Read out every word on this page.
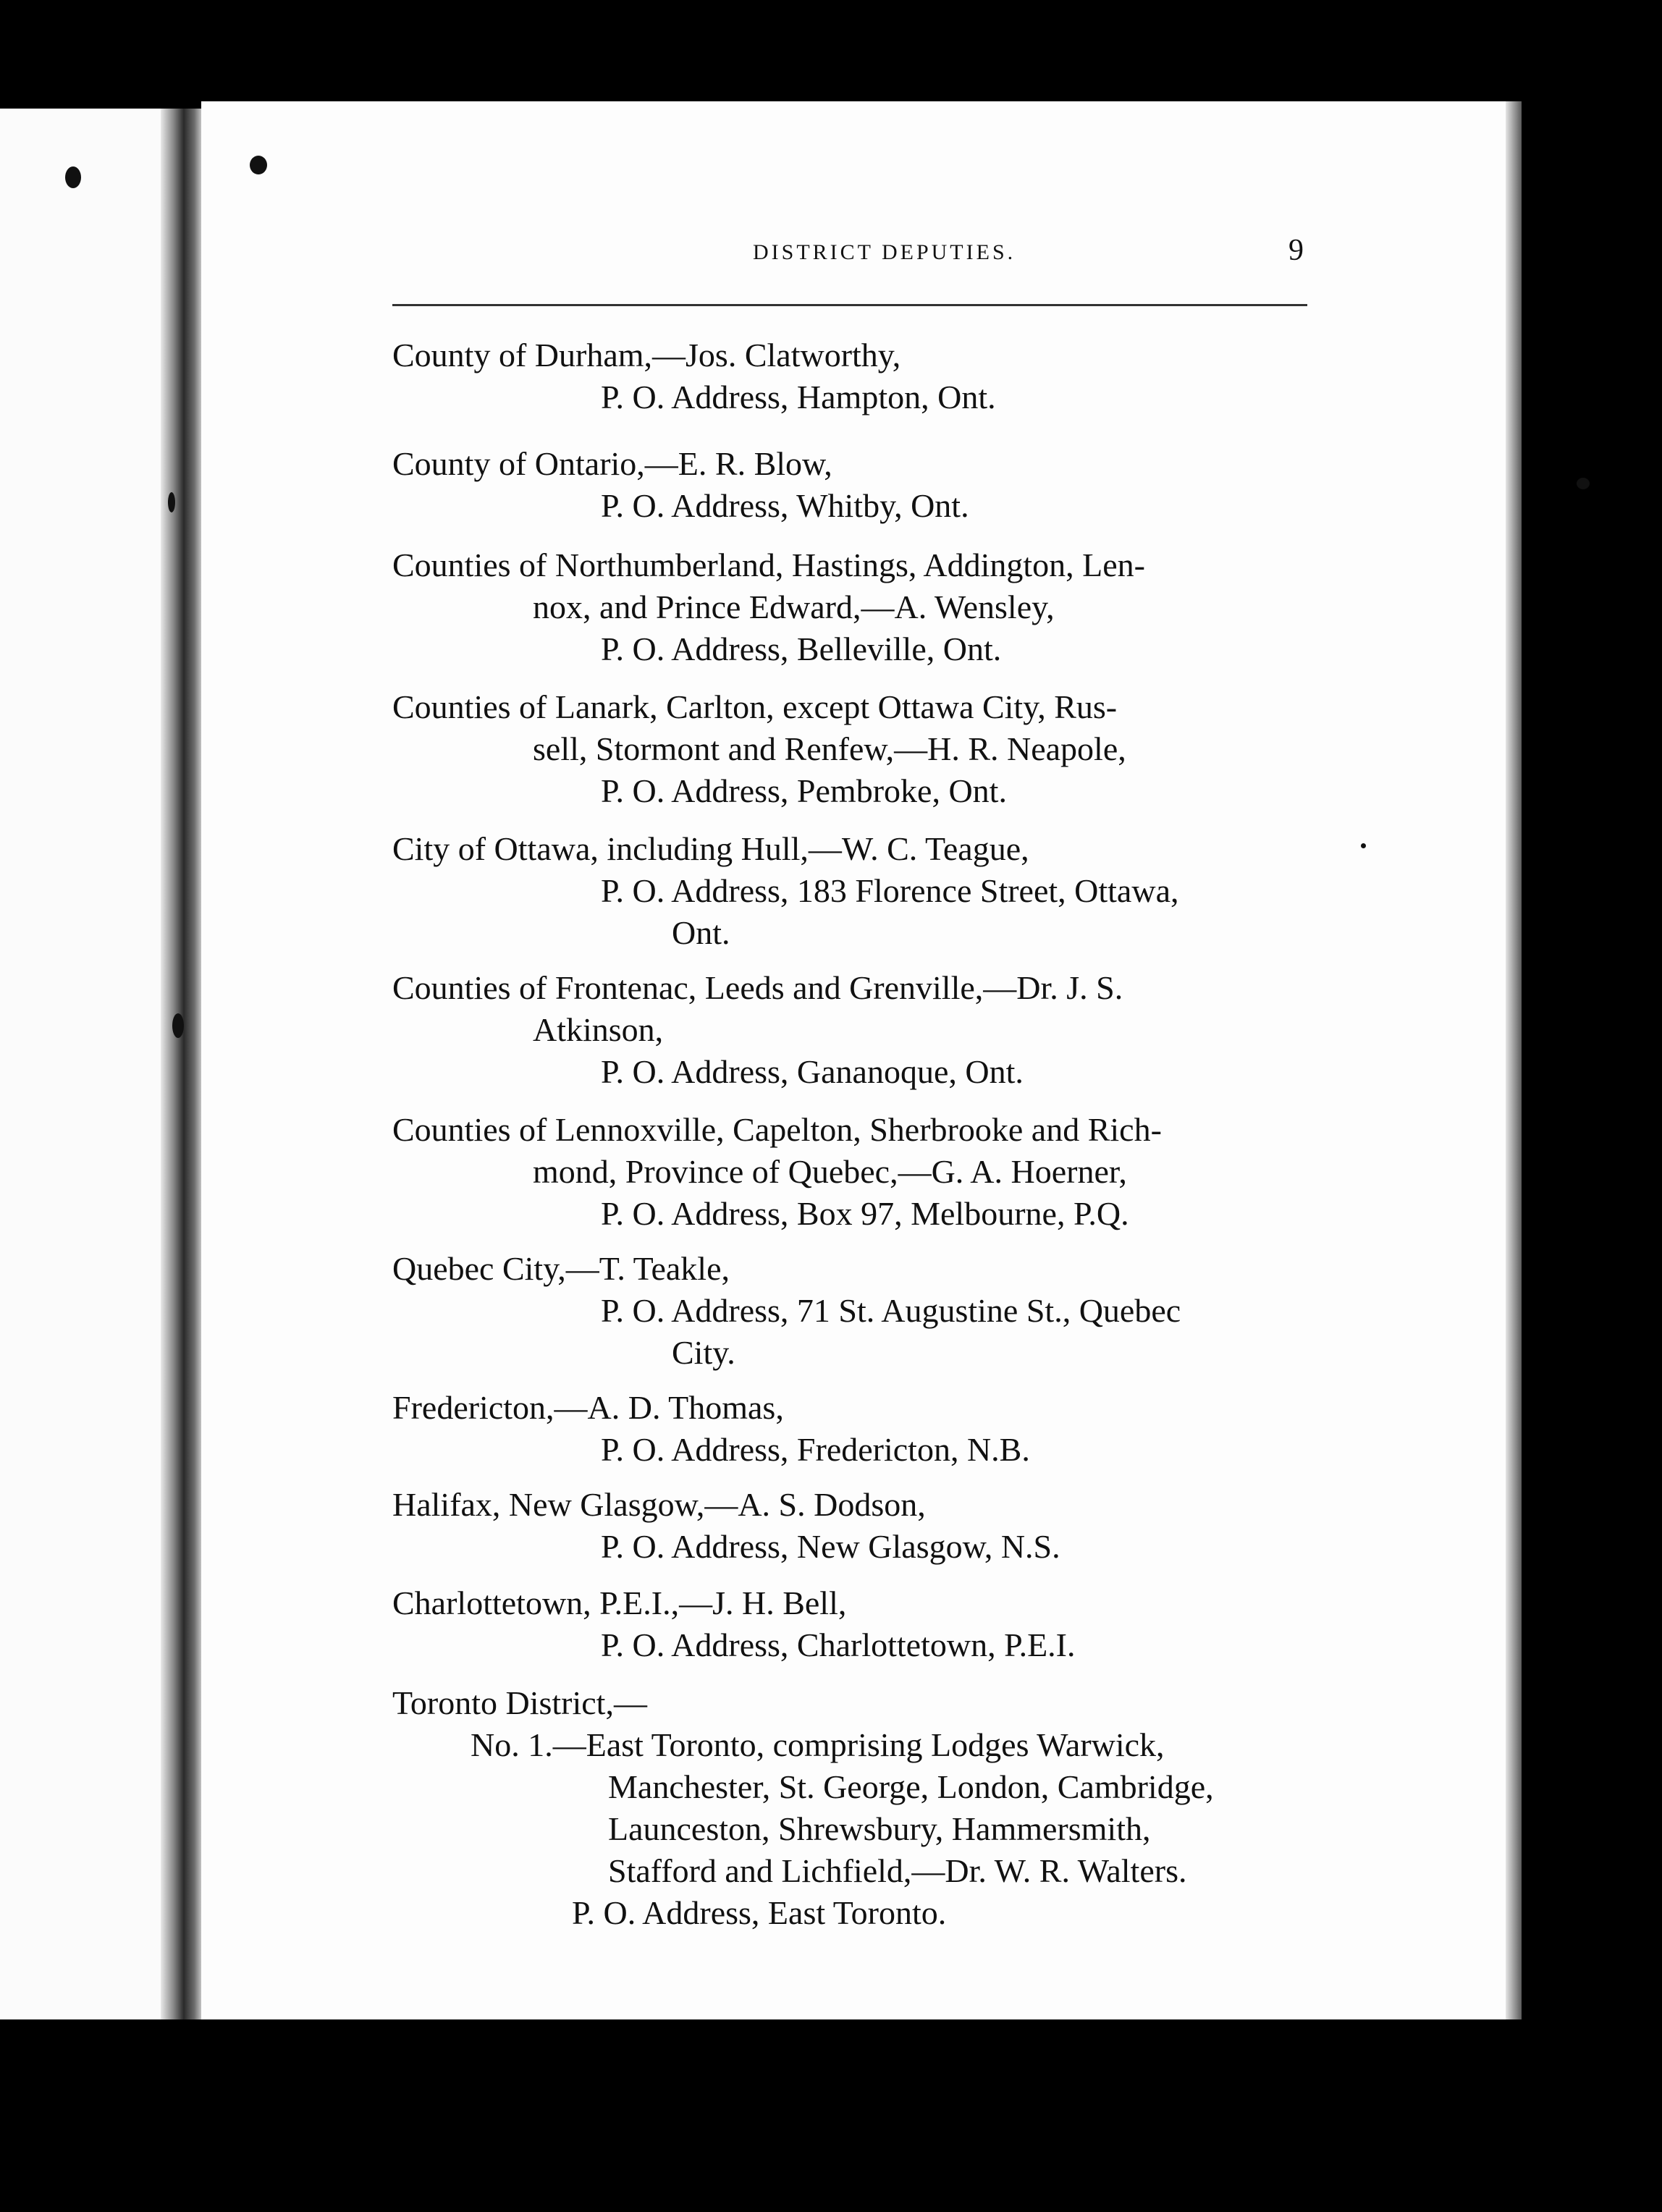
DISTRICT DEPUTIES.	9
County of Durham,—Jos. Clatworthy,
P. O. Address, Hampton, Ont.
County of Ontario,—E. R. Blow,
P. O. Address, Whitby, Ont.
Counties of Northumberland, Hastings, Addington, Len-
nox, and Prince Edward,—A. Wensley,
P. O. Address, Belleville, Ont.
Counties of Lanark, Carlton, except Ottawa City, Rus-
sell, Stormont and Renfew,—H. R. Neapole,
P. O. Address, Pembroke, Ont.
City of Ottawa, including Hull,—W. C. Teague,
P. O. Address, 183 Florence Street, Ottawa,
Ont.
Counties of Frontenac, Leeds and Grenville,—Dr. J. S.
Atkinson,
P. O. Address, Gananoque, Ont.
Counties of Lennoxville, Capelton, Sherbrooke and Rich-
mond, Province of Quebec,—G. A. Hoerner,
P. O. Address, Box 97, Melbourne, P.Q.
Quebec City,—T. Teakle,
P. O. Address, 71 St. Augustine St., Quebec
City.
Fredericton,—A. D. Thomas,
P. O. Address, Fredericton, N.B.
Halifax, New Glasgow,—A. S. Dodson,
P. O. Address, New Glasgow, N.S.
Charlottetown, P.E.I.,—J. H. Bell,
P. O. Address, Charlottetown, P.E.I.
Toronto District,—
No. 1.—East Toronto, comprising Lodges Warwick,
Manchester, St. George, London, Cambridge,
Launceston, Shrewsbury, Hammersmith,
Stafford and Lichfield,—Dr. W. R. Walters.
P. O. Address, East Toronto.
